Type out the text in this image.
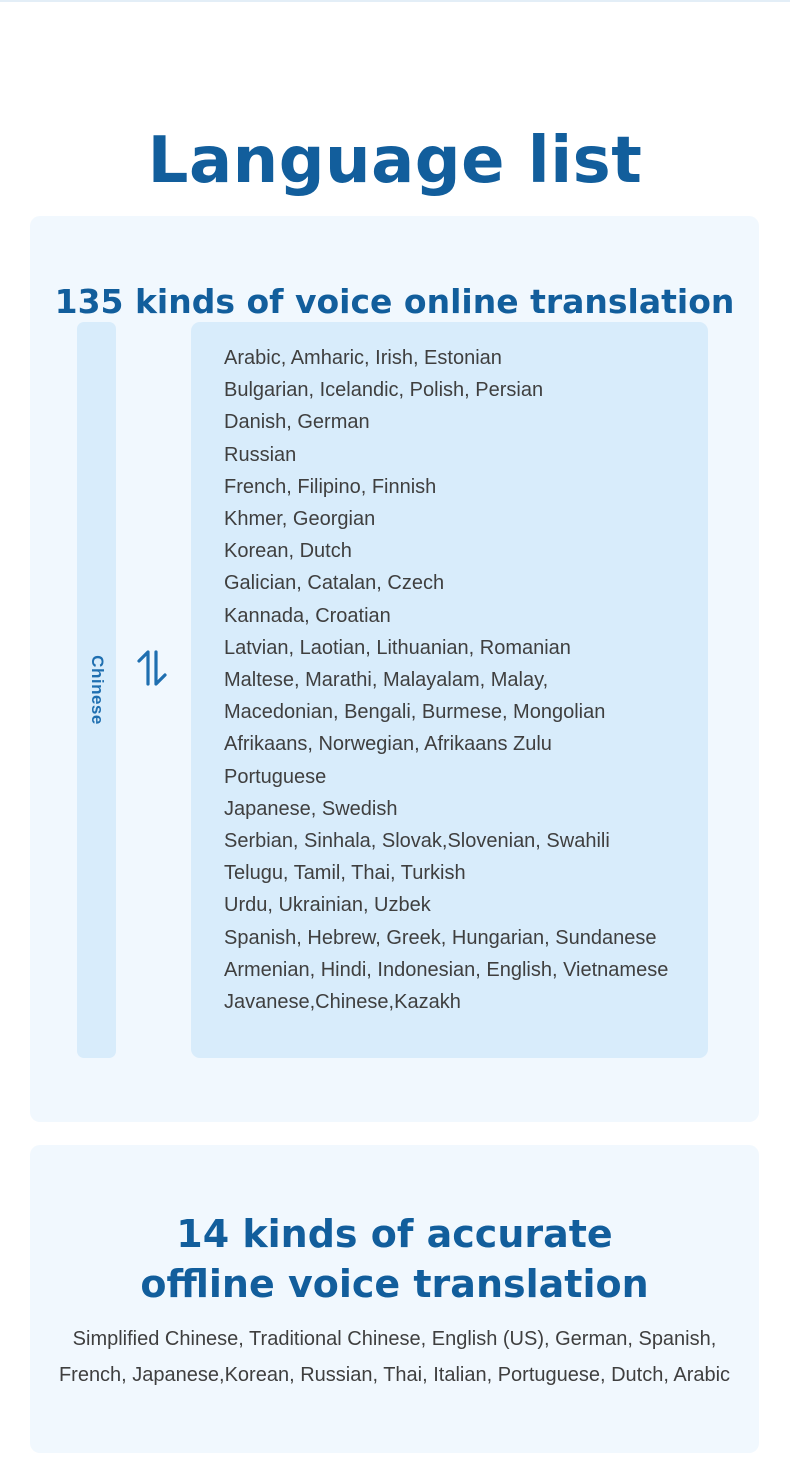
Language list
135 kinds of voice online translation
Chinese
Arabic, Amharic, Irish, Estonian
Bulgarian, Icelandic, Polish, Persian
Danish, German
Russian
French, Filipino, Finnish
Khmer, Georgian
Korean, Dutch
Galician, Catalan, Czech
Kannada, Croatian
Latvian, Laotian, Lithuanian, Romanian
Maltese, Marathi, Malayalam, Malay,
Macedonian, Bengali, Burmese, Mongolian
Afrikaans, Norwegian, Afrikaans Zulu
Portuguese
Japanese, Swedish
Serbian, Sinhala, Slovak,Slovenian, Swahili
Telugu, Tamil, Thai, Turkish
Urdu, Ukrainian, Uzbek
Spanish, Hebrew, Greek, Hungarian, Sundanese
Armenian, Hindi, Indonesian, English, Vietnamese
Javanese,Chinese,Kazakh
14 kinds of accurate
offline voice translation

Simplified Chinese, Traditional Chinese, English (US), German, Spanish,
French, Japanese,Korean, Russian, Thai, Italian, Portuguese, Dutch, Arabic
